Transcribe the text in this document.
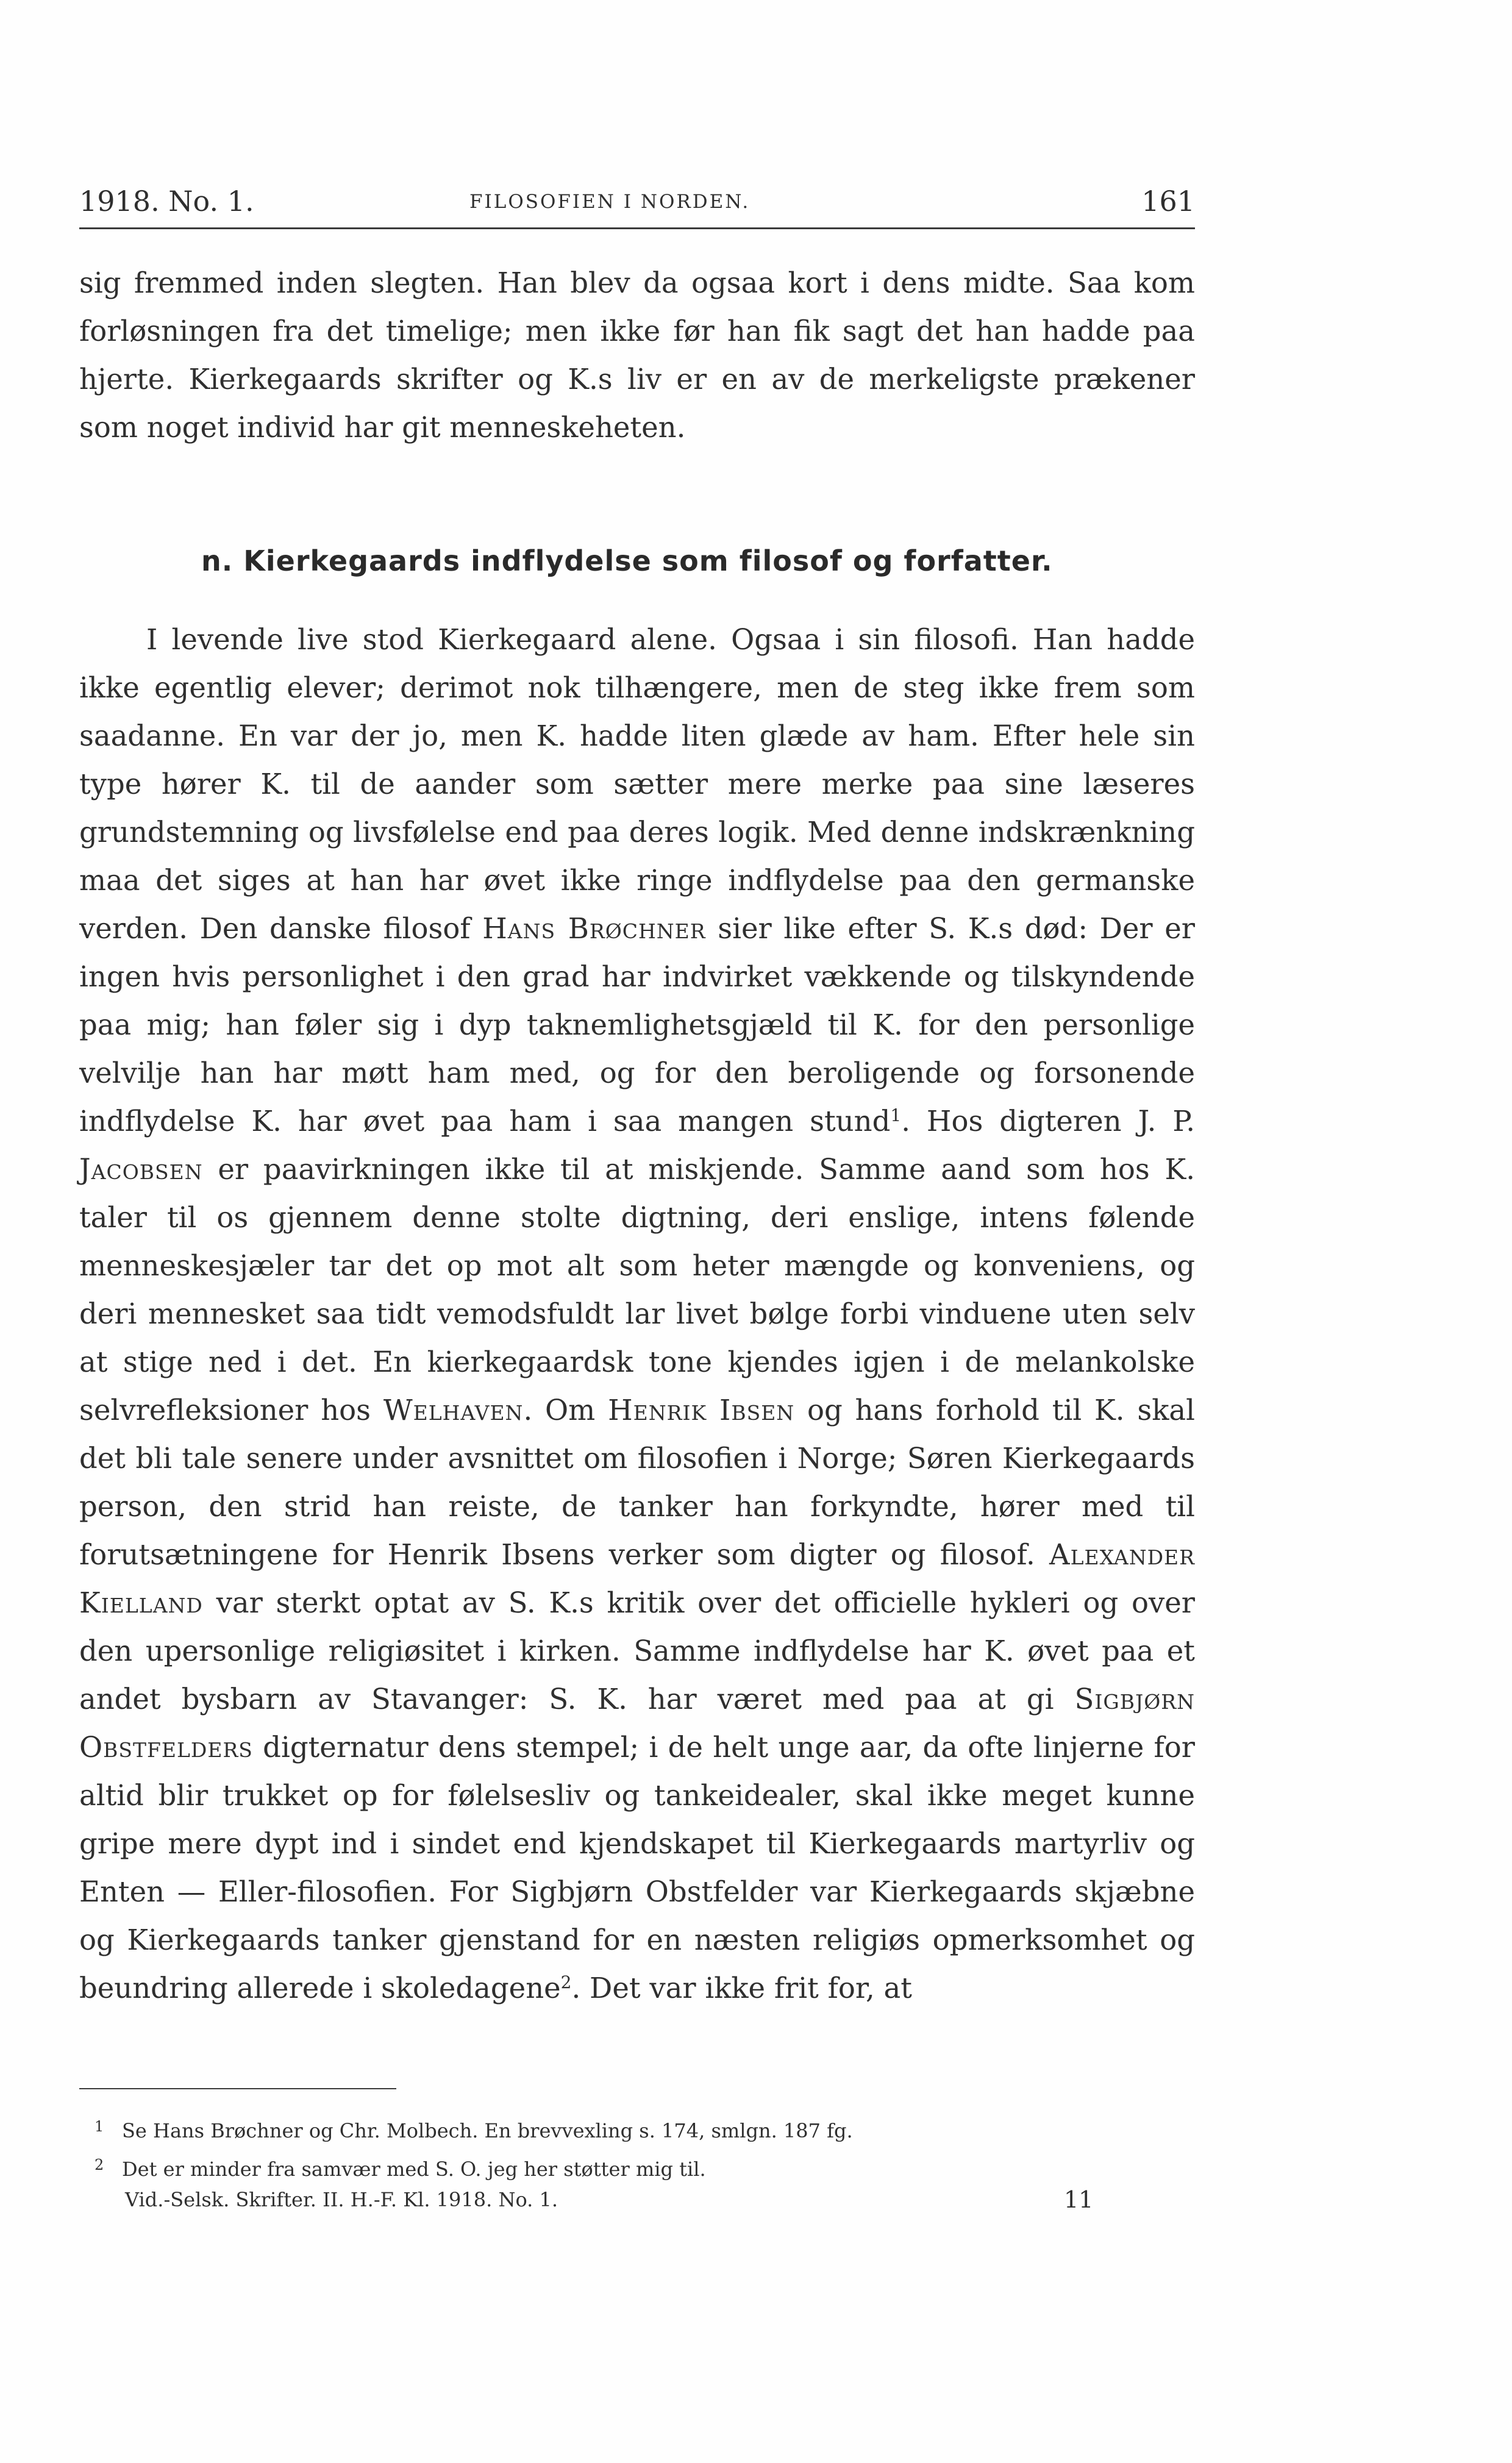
1918. No. 1.	FILOSOFIEN I NORDEN.	161

sig fremmed inden slegten. Han blev da ogsaa kort i dens midte. Saa kom forløsningen fra det timelige; men ikke før han fik sagt det han hadde paa hjerte. Kierkegaards skrifter og K.s liv er en av de merkeligste prækener som noget individ har git menneskeheten.

n. Kierkegaards indflydelse som filosof og forfatter.

I levende live stod Kierkegaard alene. Ogsaa i sin filosofi. Han hadde ikke egentlig elever; derimot nok tilhængere, men de steg ikke frem som saadanne. En var der jo, men K. hadde liten glæde av ham. Efter hele sin type hører K. til de aander som sætter mere merke paa sine læseres grundstemning og livsfølelse end paa deres logik. Med denne indskrænkning maa det siges at han har øvet ikke ringe indflydelse paa den germanske verden. Den danske filosof Hans Brøchner sier like efter S. K.s død: Der er ingen hvis personlighet i den grad har indvirket vækkende og tilskyndende paa mig; han føler sig i dyp taknemlighetsgjæld til K. for den personlige velvilje han har møtt ham med, og for den beroligende og forsonende indflydelse K. har øvet paa ham i saa mangen stund$^1$. Hos digteren J. P. Jacobsen er paavirkningen ikke til at miskjende. Samme aand som hos K. taler til os gjennem denne stolte digtning, deri enslige, intens følende menneskesjæler tar det op mot alt som heter mængde og konveniens, og deri mennesket saa tidt vemodsfuldt lar livet bølge forbi vinduene uten selv at stige ned i det. En kierkegaardsk tone kjendes igjen i de melankolske selvrefleksioner hos Welhaven. Om Henrik Ibsen og hans forhold til K. skal det bli tale senere under avsnittet om filosofien i Norge; Søren Kierkegaards person, den strid han reiste, de tanker han forkyndte, hører med til forutsætningene for Henrik Ibsens verker som digter og filosof. Alexander Kielland var sterkt optat av S. K.s kritik over det officielle hykleri og over den upersonlige religiøsitet i kirken. Samme indflydelse har K. øvet paa et andet bysbarn av Stavanger: S. K. har været med paa at gi Sigbjørn Obstfelders digternatur dens stempel; i de helt unge aar, da ofte linjerne for altid blir trukket op for følelsesliv og tankeidealer, skal ikke meget kunne gripe mere dypt ind i sindet end kjendskapet til Kierkegaards martyrliv og Enten — Eller-filosofien. For Sigbjørn Obstfelder var Kierkegaards skjæbne og Kierkegaards tanker gjenstand for en næsten religiøs opmerksomhet og beundring allerede i skoledagene$^2$. Det var ikke frit for, at

1 Se Hans Brøchner og Chr. Molbech. En brevvexling s. 174, smlgn. 187 fg.
2 Det er minder fra samvær med S. O. jeg her støtter mig til.
Vid.-Selsk. Skrifter. II. H.-F. Kl. 1918. No. 1.	11
